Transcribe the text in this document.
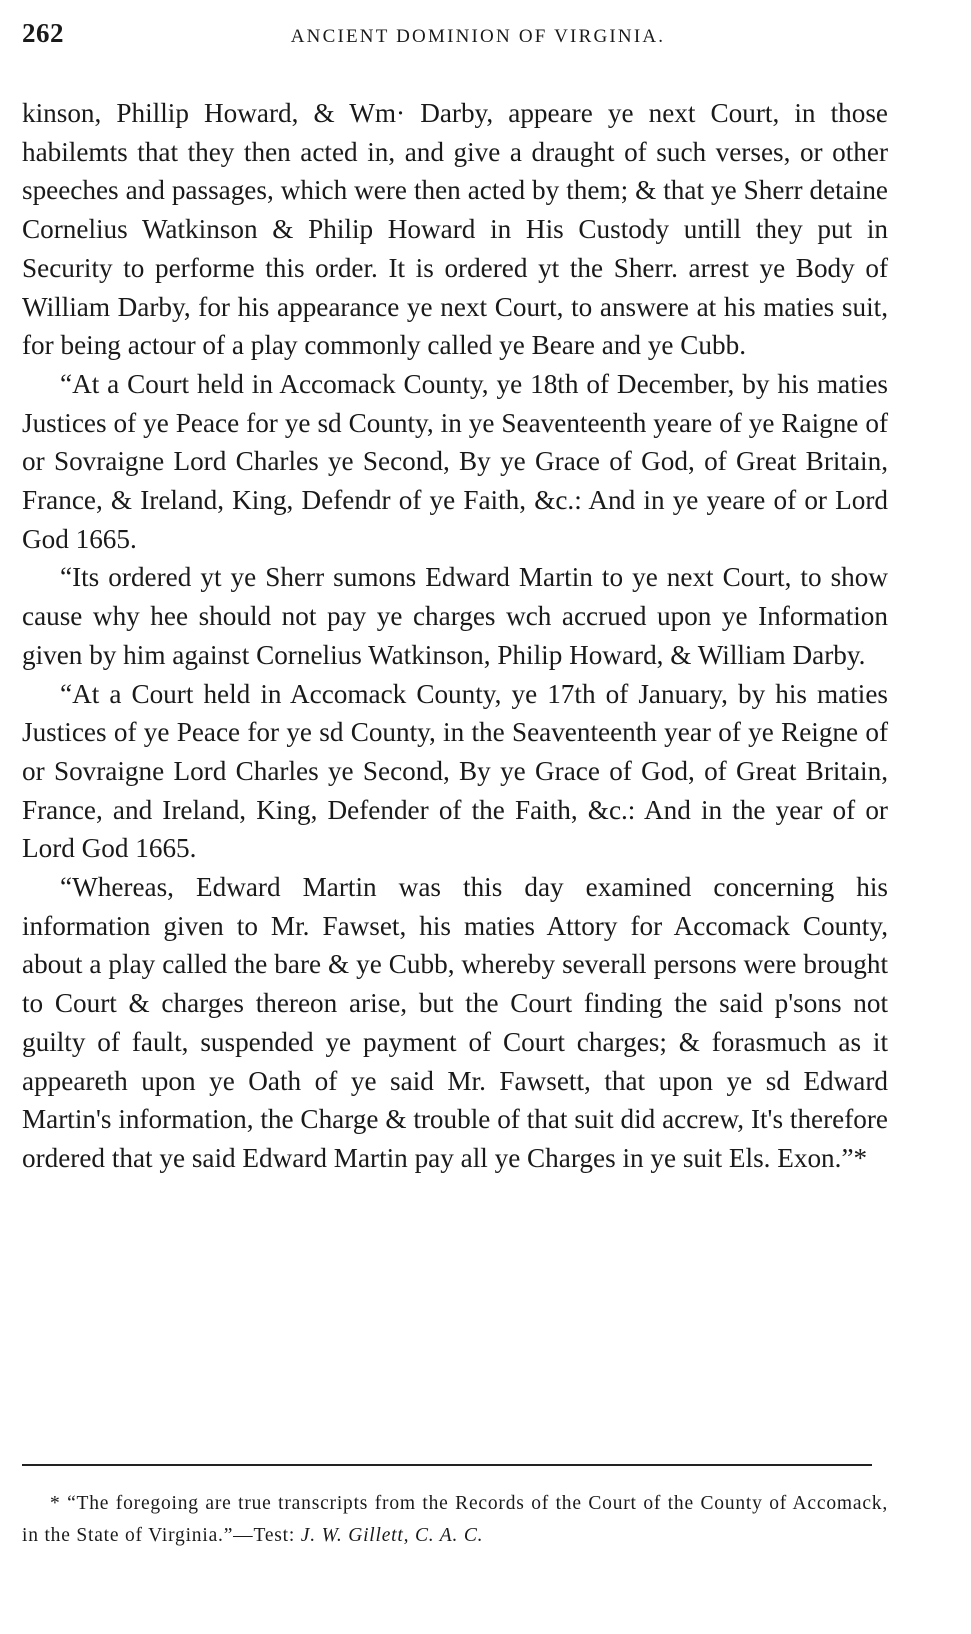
262	ANCIENT DOMINION OF VIRGINIA.

kinson, Phillip Howard, & Wm· Darby, appeare ye next Court, in those habilemts that they then acted in, and give a draught of such verses, or other speeches and passages, which were then acted by them; & that ye Sherr detaine Cornelius Watkinson & Philip Howard in His Custody untill they put in Security to performe this order. It is ordered yt the Sherr. arrest ye Body of William Darby, for his appearance ye next Court, to answere at his maties suit, for being actour of a play commonly called ye Beare and ye Cubb.

“At a Court held in Accomack County, ye 18th of December, by his maties Justices of ye Peace for ye sd County, in ye Seaventeenth yeare of ye Raigne of or Sovraigne Lord Charles ye Second, By ye Grace of God, of Great Britain, France, & Ireland, King, Defendr of ye Faith, &c.: And in ye yeare of or Lord God 1665.

“Its ordered yt ye Sherr sumons Edward Martin to ye next Court, to show cause why hee should not pay ye charges wch accrued upon ye Information given by him against Cornelius Watkinson, Philip Howard, & William Darby.

“At a Court held in Accomack County, ye 17th of January, by his maties Justices of ye Peace for ye sd County, in the Seaventeenth year of ye Reigne of or Sovraigne Lord Charles ye Second, By ye Grace of God, of Great Britain, France, and Ireland, King, Defender of the Faith, &c.: And in the year of or Lord God 1665.

“Whereas, Edward Martin was this day examined concerning his information given to Mr. Fawset, his maties Attory for Accomack County, about a play called the bare & ye Cubb, whereby severall persons were brought to Court & charges thereon arise, but the Court finding the said p'sons not guilty of fault, suspended ye payment of Court charges; & forasmuch as it appeareth upon ye Oath of ye said Mr. Fawsett, that upon ye sd Edward Martin's information, the Charge & trouble of that suit did accrew, It's therefore ordered that ye said Edward Martin pay all ye Charges in ye suit Els. Exon.”*

* “The foregoing are true transcripts from the Records of the Court of the County of Accomack, in the State of Virginia.”—Test: J. W. Gillett, C. A. C.
